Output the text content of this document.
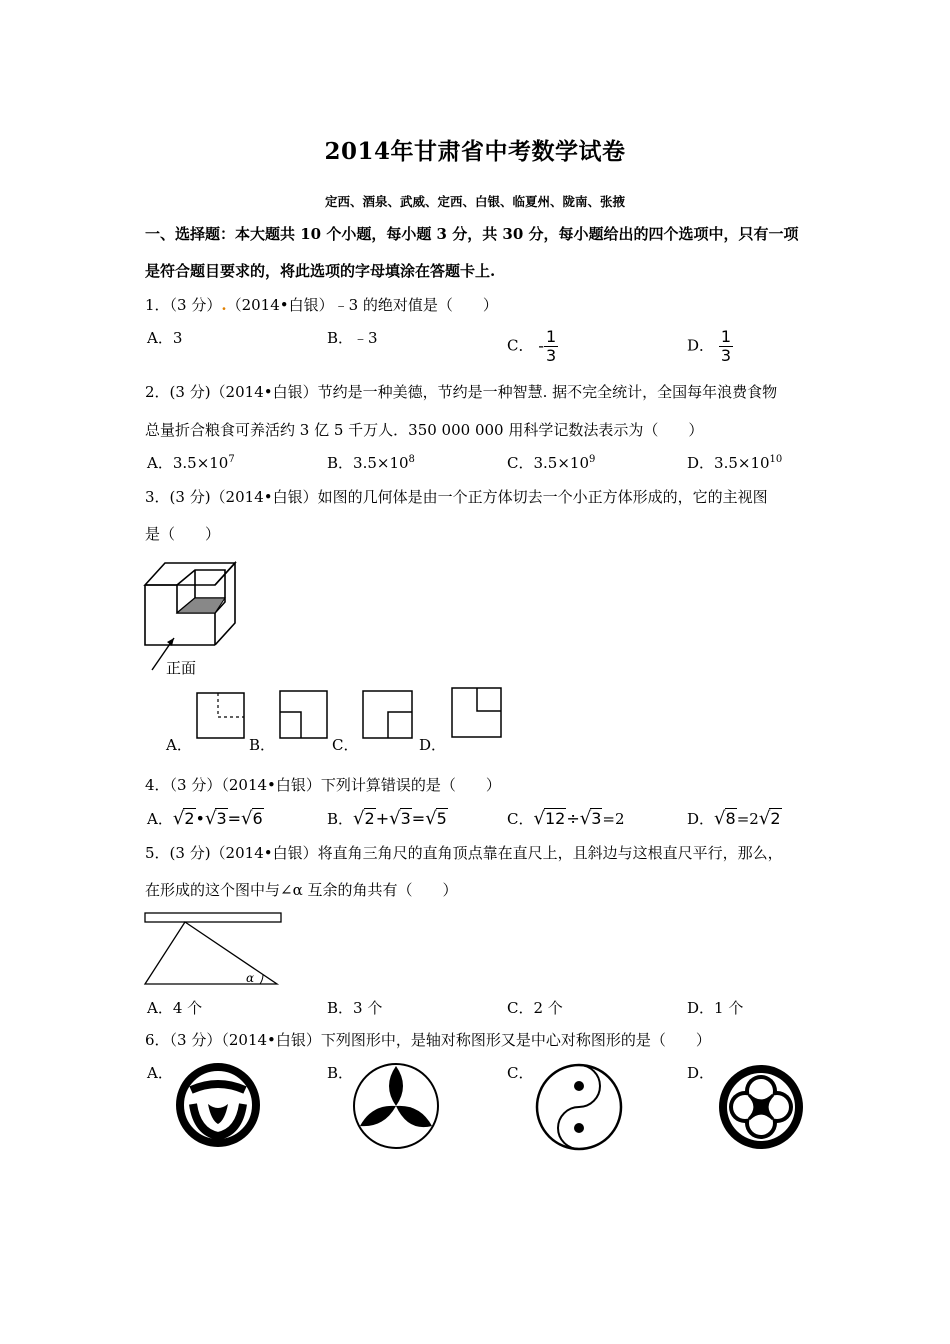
2014年甘肃省中考数学试卷
定西、酒泉、武威、定西、白银、临夏州、陇南、张掖
一、选择题：本大题共 10 个小题，每小题 3 分，共 30 分，每小题给出的四个选项中，只有一项
是符合题目要求的，将此选项的字母填涂在答题卡上.
1．（3 分）.（2014•白银）﹣3 的绝对值是（　　）
A．3	B．﹣3	C． - $\frac{1}{3}$	D． $\frac{1}{3}$
2．(3 分)（2014•白银）节约是一种美德，节约是一种智慧. 据不完全统计，全国每年浪费食物
总量折合粮食可养活约 3 亿 5 千万人．350 000 000 用科学记数法表示为（　　）
A．$3.5\times 10^7$	B．$3.5\times 10^8$	C．$3.5\times 10^9$	D．$3.5\times 10^{10}$
3．(3 分)（2014•白银）如图的几何体是由一个正方体切去一个小正方体形成的，它的主视图
是（　　）
正面
A．	B．	C．	D．
4．（3 分）（2014•白银）下列计算错误的是（　　）
A．√2•√3=√6	B．√2+√3=√5	C．√12÷√3=2	D．√8=2√2
5．(3 分)（2014•白银）将直角三角尺的直角顶点靠在直尺上，且斜边与这根直尺平行，那么，
在形成的这个图中与∠α 互余的角共有（　　）
α
A．4 个	B．3 个	C．2 个	D．1 个
6．（3 分）（2014•白银）下列图形中，是轴对称图形又是中心对称图形的是（　　）
A．	B．	C．	D．
